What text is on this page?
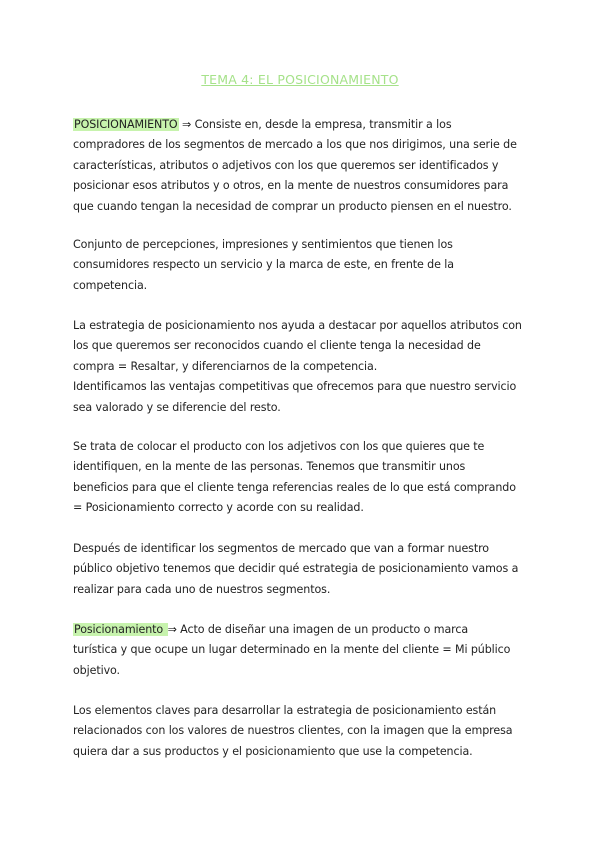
TEMA 4: EL POSICIONAMIENTO
POSICIONAMIENTO ⇒ Consiste en, desde la empresa, transmitir a los
compradores de los segmentos de mercado a los que nos dirigimos, una serie de
características, atributos o adjetivos con los que queremos ser identificados y
posicionar esos atributos y o otros, en la mente de nuestros consumidores para
que cuando tengan la necesidad de comprar un producto piensen en el nuestro.
Conjunto de percepciones, impresiones y sentimientos que tienen los
consumidores respecto un servicio y la marca de este, en frente de la
competencia.
La estrategia de posicionamiento nos ayuda a destacar por aquellos atributos con
los que queremos ser reconocidos cuando el cliente tenga la necesidad de
compra = Resaltar, y diferenciarnos de la competencia.
Identificamos las ventajas competitivas que ofrecemos para que nuestro servicio
sea valorado y se diferencie del resto.
Se trata de colocar el producto con los adjetivos con los que quieres que te
identifiquen, en la mente de las personas. Tenemos que transmitir unos
beneficios para que el cliente tenga referencias reales de lo que está comprando
= Posicionamiento correcto y acorde con su realidad.
Después de identificar los segmentos de mercado que van a formar nuestro
público objetivo tenemos que decidir qué estrategia de posicionamiento vamos a
realizar para cada uno de nuestros segmentos.
Posicionamiento ⇒ Acto de diseñar una imagen de un producto o marca
turística y que ocupe un lugar determinado en la mente del cliente = Mi público
objetivo.
Los elementos claves para desarrollar la estrategia de posicionamiento están
relacionados con los valores de nuestros clientes, con la imagen que la empresa
quiera dar a sus productos y el posicionamiento que use la competencia.
